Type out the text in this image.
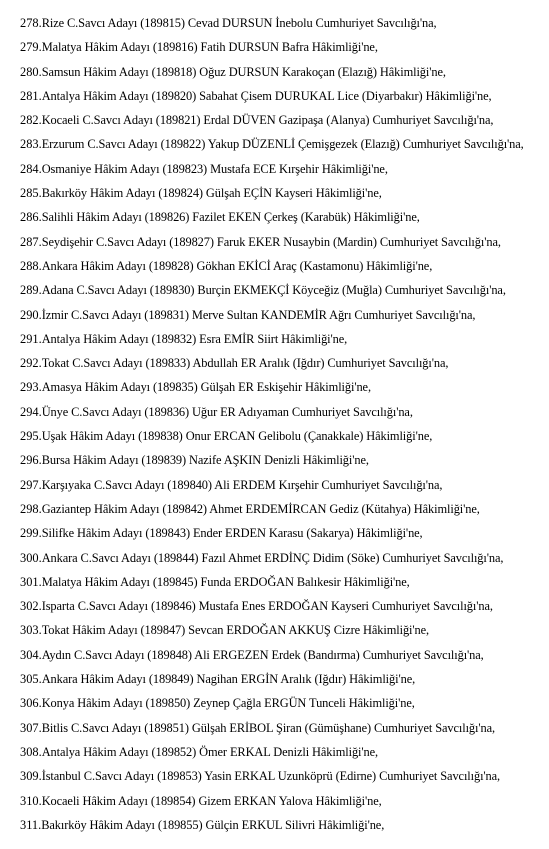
278. Rize C.Savcı Adayı (189815) Cevad DURSUN İnebolu Cumhuriyet Savcılığı'na,
279. Malatya Hâkim Adayı (189816) Fatih DURSUN Bafra Hâkimliği'ne,
280. Samsun Hâkim Adayı (189818) Oğuz DURSUN Karakoçan (Elazığ) Hâkimliği'ne,
281. Antalya Hâkim Adayı (189820) Sabahat Çisem DURUKAL Lice (Diyarbakır) Hâkimliği'ne,
282. Kocaeli C.Savcı Adayı (189821) Erdal DÜVEN Gazipaşa (Alanya) Cumhuriyet Savcılığı'na,
283. Erzurum C.Savcı Adayı (189822) Yakup DÜZENLİ Çemişgezek (Elazığ) Cumhuriyet Savcılığı'na,
284. Osmaniye Hâkim Adayı (189823) Mustafa ECE Kırşehir Hâkimliği'ne,
285. Bakırköy Hâkim Adayı (189824) Gülşah EÇİN Kayseri Hâkimliği'ne,
286. Salihli Hâkim Adayı (189826) Fazilet EKEN Çerkeş (Karabük) Hâkimliği'ne,
287. Seydişehir C.Savcı Adayı (189827) Faruk EKER Nusaybin (Mardin) Cumhuriyet Savcılığı'na,
288. Ankara Hâkim Adayı (189828) Gökhan EKİCİ Araç (Kastamonu) Hâkimliği'ne,
289. Adana C.Savcı Adayı (189830) Burçin EKMEKÇİ Köyceğiz (Muğla) Cumhuriyet Savcılığı'na,
290. İzmir C.Savcı Adayı (189831) Merve Sultan KANDEMİR Ağrı Cumhuriyet Savcılığı'na,
291. Antalya Hâkim Adayı (189832) Esra EMİR Siirt Hâkimliği'ne,
292. Tokat C.Savcı Adayı (189833) Abdullah ER Aralık (Iğdır) Cumhuriyet Savcılığı'na,
293. Amasya Hâkim Adayı (189835) Gülşah ER Eskişehir Hâkimliği'ne,
294. Ünye C.Savcı Adayı (189836) Uğur ER Adıyaman Cumhuriyet Savcılığı'na,
295. Uşak Hâkim Adayı (189838) Onur ERCAN Gelibolu (Çanakkale) Hâkimliği'ne,
296. Bursa Hâkim Adayı (189839) Nazife AŞKIN Denizli Hâkimliği'ne,
297. Karşıyaka C.Savcı Adayı (189840) Ali ERDEM Kırşehir Cumhuriyet Savcılığı'na,
298. Gaziantep Hâkim Adayı (189842) Ahmet ERDEMİRCAN Gediz (Kütahya) Hâkimliği'ne,
299. Silifke Hâkim Adayı (189843) Ender ERDEN Karasu (Sakarya) Hâkimliği'ne,
300. Ankara C.Savcı Adayı (189844) Fazıl Ahmet ERDİNÇ Didim (Söke) Cumhuriyet Savcılığı'na,
301. Malatya Hâkim Adayı (189845) Funda ERDOĞAN Balıkesir Hâkimliği'ne,
302. Isparta C.Savcı Adayı (189846) Mustafa Enes ERDOĞAN Kayseri Cumhuriyet Savcılığı'na,
303. Tokat Hâkim Adayı (189847) Sevcan ERDOĞAN AKKUŞ Cizre Hâkimliği'ne,
304. Aydın C.Savcı Adayı (189848) Ali ERGEZEN Erdek (Bandırma) Cumhuriyet Savcılığı'na,
305. Ankara Hâkim Adayı (189849) Nagihan ERGİN Aralık (Iğdır) Hâkimliği'ne,
306. Konya Hâkim Adayı (189850) Zeynep Çağla ERGÜN Tunceli Hâkimliği'ne,
307. Bitlis C.Savcı Adayı (189851) Gülşah ERİBOL Şiran (Gümüşhane) Cumhuriyet Savcılığı'na,
308. Antalya Hâkim Adayı (189852) Ömer ERKAL Denizli Hâkimliği'ne,
309. İstanbul C.Savcı Adayı (189853) Yasin ERKAL Uzunköprü (Edirne) Cumhuriyet Savcılığı'na,
310. Kocaeli Hâkim Adayı (189854) Gizem ERKAN Yalova Hâkimliği'ne,
311. Bakırköy Hâkim Adayı (189855) Gülçin ERKUL Silivri Hâkimliği'ne,
